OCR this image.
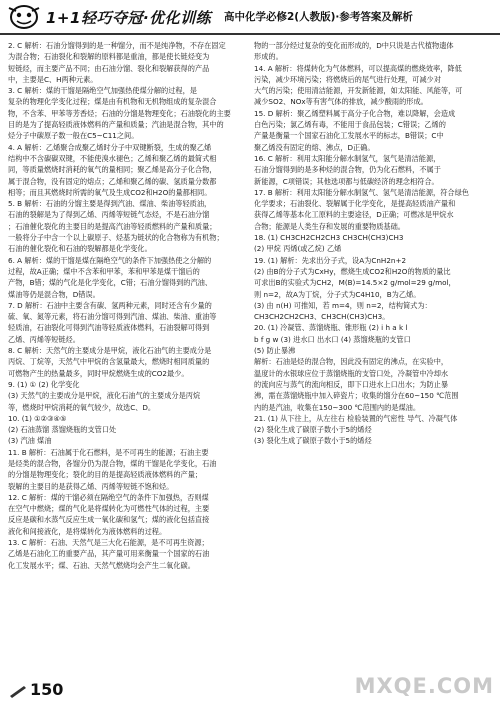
1+1轻巧夺冠·优化训练 高中化学必修2(人教版)·参考答案及解析

2. C 解析：石油分馏得到的是一种馏分，而不是纯净物，不存在固定

为混合物；石油裂化和裂解的原料都是重油，都是使长链烃变为

短链烃，而主要产品不同；由石油分馏、裂化和裂解获得的产品

中，主要是C、H两种元素。

3. C 解析：煤的干馏是隔绝空气加强热使煤分解的过程，是

复杂的物理化学变化过程；煤是由有机物和无机物组成的复杂混合

物，不含苯、甲苯等芳香烃；石油的分馏是物理变化；石油裂化的主要

目的是为了提高轻质液体燃料的产量和质量；汽油是混合物，其中的

烃分子中碳原子数一般在C5~C11之间。

4. A 解析：乙烯聚合成聚乙烯时分子中双键断裂，生成的聚乙烯

结构中不含碳碳双键，不能使溴水褪色；乙烯和聚乙烯的最简式相

同，等质量燃烧时消耗的氧气的量相同；聚乙烯是高分子化合物，

属于混合物，没有固定的熔点；乙烯和聚乙烯的碳、氢质量分数都

相等；而且其燃烧时所需的氧气及生成CO2和H2O的量都相同。

5. B 解析：石油的分馏主要是得到汽油、煤油、柴油等轻质油，

石油的裂解是为了得到乙烯、丙烯等短链气态烃，不是石油分馏

；石油催化裂化的主要目的是提高汽油等轻质燃料的产量和质量；

一般将分子中含一个以上碳原子、烃基为链状的化合物称为有机物；

石油的催化裂化和石油的裂解都是化学变化。

6. A 解析：煤的干馏是煤在隔绝空气的条件下加强热使之分解的

过程，故A正确；煤中不含苯和甲苯，苯和甲苯是煤干馏后的

产物，B错；煤的气化是化学变化，C错；石油分馏得到的汽油、

煤油等仍是混合物，D错误。

7. D 解析：石油中主要含有碳、氢两种元素，同时还含有少量的

硫、氧、氮等元素，将石油分馏可得到汽油、煤油、柴油、重油等

轻质油，石油裂化可得到汽油等轻质液体燃料，石油裂解可得到

乙烯、丙烯等短链烃。

8. C 解析：天然气的主要成分是甲烷，液化石油气的主要成分是

丙烷、丁烷等，天然气中甲烷的含氢量最大，燃烧时相同质量的

可燃物产生的热量最多，同时甲烷燃烧生成的CO2最少。

9. (1) ① (2) 化学变化

(3) 天然气的主要成分是甲烷，液化石油气的主要成分是丙烷

等，燃烧时甲烷消耗的氧气较少，故选C、D。

10. (1) ①②③④⑤

(2) 石油蒸馏 蒸馏烧瓶的支管口处

(3) 汽油 煤油

11. B 解析：石油属于化石燃料，是不可再生的能源；石油主要

是烃类的混合物，各馏分仍为混合物，煤的干馏是化学变化，石油

的分馏是物理变化；裂化的目的是提高轻质液体燃料的产量；

裂解的主要目的是获得乙烯、丙烯等短链不饱和烃。

12. C 解析：煤的干馏必须在隔绝空气的条件下加强热，否则煤

在空气中燃烧；煤的气化是将煤转化为可燃性气体的过程，主要

反应是碳和水蒸气反应生成一氧化碳和氢气；煤的液化包括直接

液化和间接液化，是将煤转化为液体燃料的过程。

13. C 解析：石油、天然气是三大化石能源，是不可再生资源；

乙烯是石油化工的重要产品，其产量可用来衡量一个国家的石油

化工发展水平；煤、石油、天然气燃烧均会产生二氧化碳。

物的一部分经过复杂的变化而形成的，D中只说是古代植物遗体

形成的。

14. A 解析：将煤转化为气体燃料，可以提高煤的燃烧效率，降低

污染，减少环境污染；将燃烧后的尾气进行处理，可减少对

大气的污染；使用清洁能源，开发新能源，如太阳能、风能等，可

减少SO2、NOx等有害气体的排放，减少酸雨的形成。

15. D 解析：聚乙烯塑料属于高分子化合物，难以降解，会造成

白色污染；氯乙烯有毒，不能用于食品包装；C错误；乙烯的

产量是衡量一个国家石油化工发展水平的标志，B错误；C中

聚乙烯没有固定的熔、沸点，D正确。

16. C 解析：利用太阳能分解水制氢气，氢气是清洁能源，

石油分馏得到的是多种烃的混合物，仍为化石燃料，不属于

新能源，C项错误；其他选项都与低碳经济的理念相符合。

17. B 解析：利用太阳能分解水制氢气、氢气是清洁能源，符合绿色

化学要求；石油裂化、裂解属于化学变化，是提高轻质油产量和

获得乙烯等基本化工原料的主要途径，D正确；可燃冰是甲烷水

合物；能源是人类生存和发展的重要物质基础。

18. (1) CH3CH2CH2CH3 CH3CH(CH3)CH3

(2) 甲烷 丙烯(或乙烷) 乙烯

19. (1) 解析：先求出分子式，设A为CnH2n+2

(2) 由B的分子式为CxHy，燃烧生成CO2和H2O的物质的量比

可求出B的实验式为CH2，M(B)=14.5×2 g/mol=29 g/mol，

则 n=2，故A为丁烷，分子式为C4H10，B为乙烯。

(3) 由 n(H) 可推知，若 m=4，则 n=2，结构简式为：

CH3CH2CH2CH3、CH3CH(CH3)CH3。

20. (1) 冷凝管、蒸馏烧瓶、锥形瓶 (2) i h a k l

b f g w (3) 进水口 出水口 (4) 蒸馏烧瓶的支管口

(5) 防止暴沸

解析：石油是烃的混合物，因此没有固定的沸点，在实验中，

温度计的水银球应位于蒸馏烧瓶的支管口处，冷凝管中冷却水

的流向应与蒸气的流向相反，即下口进水上口出水；为防止暴

沸，需在蒸馏烧瓶中加入碎瓷片；收集的馏分在60~150 ℃范围

内的是汽油，收集在150~300 ℃范围内的是煤油。

21. (1) 从下往上，从左往右 检验装置的气密性 导气、冷凝气体

(2) 裂化生成了碳原子数小于5的烯烃

(3) 裂化生成了碳原子数小于5的烯烃

150	MXQE.COM
